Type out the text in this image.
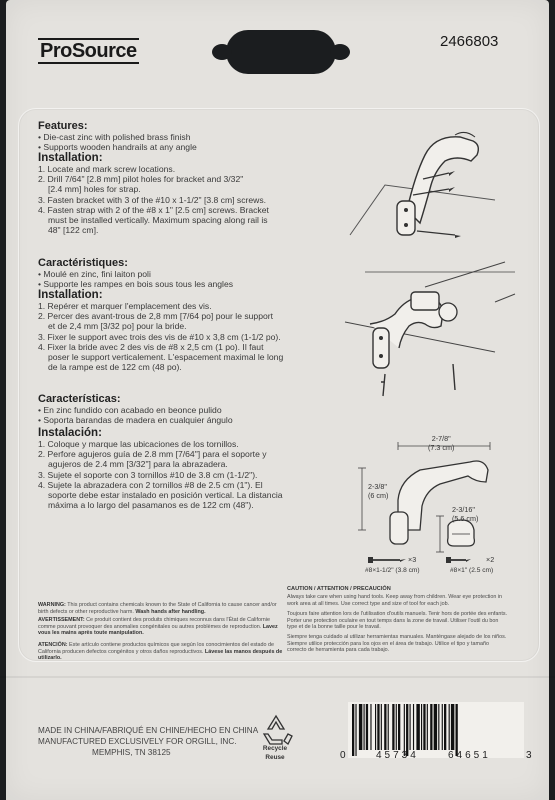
ProSource	2466803
Features:
• Die-cast zinc with polished brass finish
• Supports wooden handrails at any angle
Installation:
1. Locate and mark screw locations.
2. Drill 7/64" [2.8 mm] pilot holes for bracket and 3/32"
[2.4 mm] holes for strap.
3. Fasten bracket with 3 of the #10 x 1-1/2" [3.8 cm] screws.
4. Fasten strap with 2 of the #8 x 1" [2.5 cm] screws. Bracket
must be installed vertically. Maximum spacing along rail is
48" [122 cm].
Caractéristiques:
• Moulé en zinc, fini laiton poli
• Supporte les rampes en bois sous tous les angles
Installation:
1. Repérer et marquer l'emplacement des vis.
2. Percer des avant-trous de 2,8 mm [7/64 po] pour le support
et de 2,4 mm [3/32 po] pour la bride.
3. Fixer le support avec trois des vis de #10 x 3,8 cm (1-1/2 po).
4. Fixer la bride avec 2 des vis de #8 x 2,5 cm (1 po). Il faut
poser le support verticalement. L'espacement maximal le long
de la rampe est de 122 cm (48 po).
Características:
• En zinc fundido con acabado en beonce pulido
• Soporta barandas de madera en cualquier ángulo
Instalación:
1. Coloque y marque las ubicaciones de los tornillos.
2. Perfore agujeros guía de 2.8 mm [7/64"] para el soporte y
agujeros de 2.4 mm [3/32"] para la abrazadera.
3. Sujete el soporte con 3 tornillos #10 de 3.8 cm (1-1/2").
4. Sujete la abrazadera con 2 tornillos #8 de 2.5 cm (1"). El
soporte debe estar instalado en posición vertical. La distancia
máxima a lo largo del pasamanos es de 122 cm (48").
2-7/8"
(7.3 cm)
2-3/8"
(6 cm)
2-3/16"
(5.6 cm)
×3	×2
#8×1-1/2" (3.8 cm)	#8×1" (2.5 cm)
WARNING: This product contains chemicals known to the State of California to cause cancer and/or birth defects or other reproductive harm. Wash hands after handling.
AVERTISSEMENT: Ce produit contient des produits chimiques reconnus dans l'État de Californie comme pouvant provoquer des anomalies congénitales ou autres problèmes de reproduction. Lavez vous les mains après toute manipulation.
ATENCIÓN: Este artículo contiene productos químicos que según los conocimientos del estado de California producen defectos congénitos y otros daños reproductivos. Lávese las manos después de utilizarlo.
CAUTION / ATTENTION / PRECAUCIÓN
Always take care when using hand tools. Keep away from children. Wear eye protection in work area at all times. Use correct type and size of tool for each job.
Toujours faire attention lors de l'utilisation d'outils manuels. Tenir hors de portée des enfants. Porter une protection oculaire en tout temps dans la zone de travail. Utiliser l'outil du bon type et de la bonne taille pour le travail.
Siempre tenga cuidado al utilizar herramientas manuales. Manténgase alejado de los niños. Siempre utilice protección para los ojos en el área de trabajo. Utilice el tipo y tamaño correcto de herramienta para cada trabajo.
MADE IN CHINA/FABRIQUÉ EN CHINE/HECHO EN CHINA
MANUFACTURED EXCLUSIVELY FOR ORGILL, INC.
MEMPHIS, TN 38125	Recycle
Reuse	0	45734	64651	3
